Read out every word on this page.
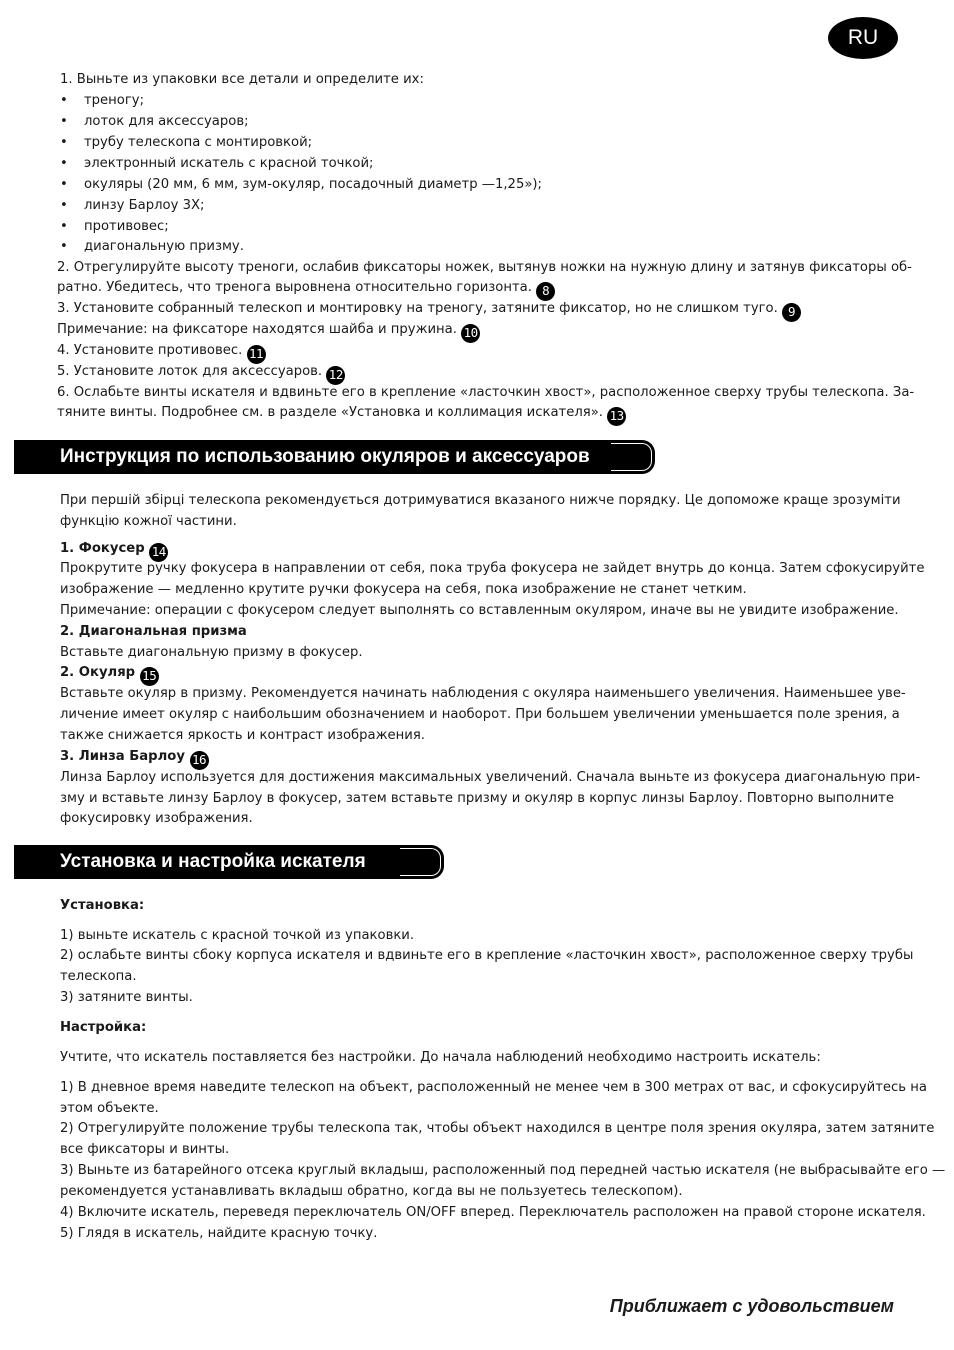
RU
1. Выньте из упаковки все детали и определите их:
• треногу;
• лоток для аксессуаров;
• трубу телескопа с монтировкой;
• электронный искатель с красной точкой;
• окуляры (20 мм, 6 мм, зум-окуляр, посадочный диаметр —1,25»);
• линзу Барлоу 3X;
• противовес;
• диагональную призму.
2. Отрегулируйте высоту треноги, ослабив фиксаторы ножек, вытянув ножки на нужную длину и затянув фиксаторы об-
ратно. Убедитесь, что тренога выровнена относительно горизонта. 8
3. Установите собранный телескоп и монтировку на треногу, затяните фиксатор, но не слишком туго. 9
Примечание: на фиксаторе находятся шайба и пружина. 10
4. Установите противовес. 11
5. Установите лоток для аксессуаров. 12
6. Ослабьте винты искателя и вдвиньте его в крепление «ласточкин хвост», расположенное сверху трубы телескопа. За-
тяните винты. Подробнее см. в разделе «Установка и коллимация искателя». 13
Инструкция по использованию окуляров и аксессуаров
При першій збірці телескопа рекомендується дотримуватися вказаного нижче порядку. Це допоможе краще зрозуміти
функцію кожної частини.
1. Фокусер 14
Прокрутите ручку фокусера в направлении от себя, пока труба фокусера не зайдет внутрь до конца. Затем сфокусируйте
изображение — медленно крутите ручки фокусера на себя, пока изображение не станет четким.
Примечание: операции с фокусером следует выполнять со вставленным окуляром, иначе вы не увидите изображение.
2. Диагональная призма
Вставьте диагональную призму в фокусер.
2. Окуляр 15
Вставьте окуляр в призму. Рекомендуется начинать наблюдения с окуляра наименьшего увеличения. Наименьшее уве-
личение имеет окуляр с наибольшим обозначением и наоборот. При большем увеличении уменьшается поле зрения, а
также снижается яркость и контраст изображения.
3. Линза Барлоу 16
Линза Барлоу используется для достижения максимальных увеличений. Сначала выньте из фокусера диагональную при-
зму и вставьте линзу Барлоу в фокусер, затем вставьте призму и окуляр в корпус линзы Барлоу. Повторно выполните
фокусировку изображения.
Установка и настройка искателя
Установка:
1) выньте искатель с красной точкой из упаковки.
2) ослабьте винты сбоку корпуса искателя и вдвиньте его в крепление «ласточкин хвост», расположенное сверху трубы
телескопа.
3) затяните винты.
Настройка:
Учтите, что искатель поставляется без настройки. До начала наблюдений необходимо настроить искатель:
1) В дневное время наведите телескоп на объект, расположенный не менее чем в 300 метрах от вас, и сфокусируйтесь на
этом объекте.
2) Отрегулируйте положение трубы телескопа так, чтобы объект находился в центре поля зрения окуляра, затем затяните
все фиксаторы и винты.
3) Выньте из батарейного отсека круглый вкладыш, расположенный под передней частью искателя (не выбрасывайте его —
рекомендуется устанавливать вкладыш обратно, когда вы не пользуетесь телескопом).
4) Включите искатель, переведя переключатель ON/OFF вперед. Переключатель расположен на правой стороне искателя.
5) Глядя в искатель, найдите красную точку.
Приближает с удовольствием
